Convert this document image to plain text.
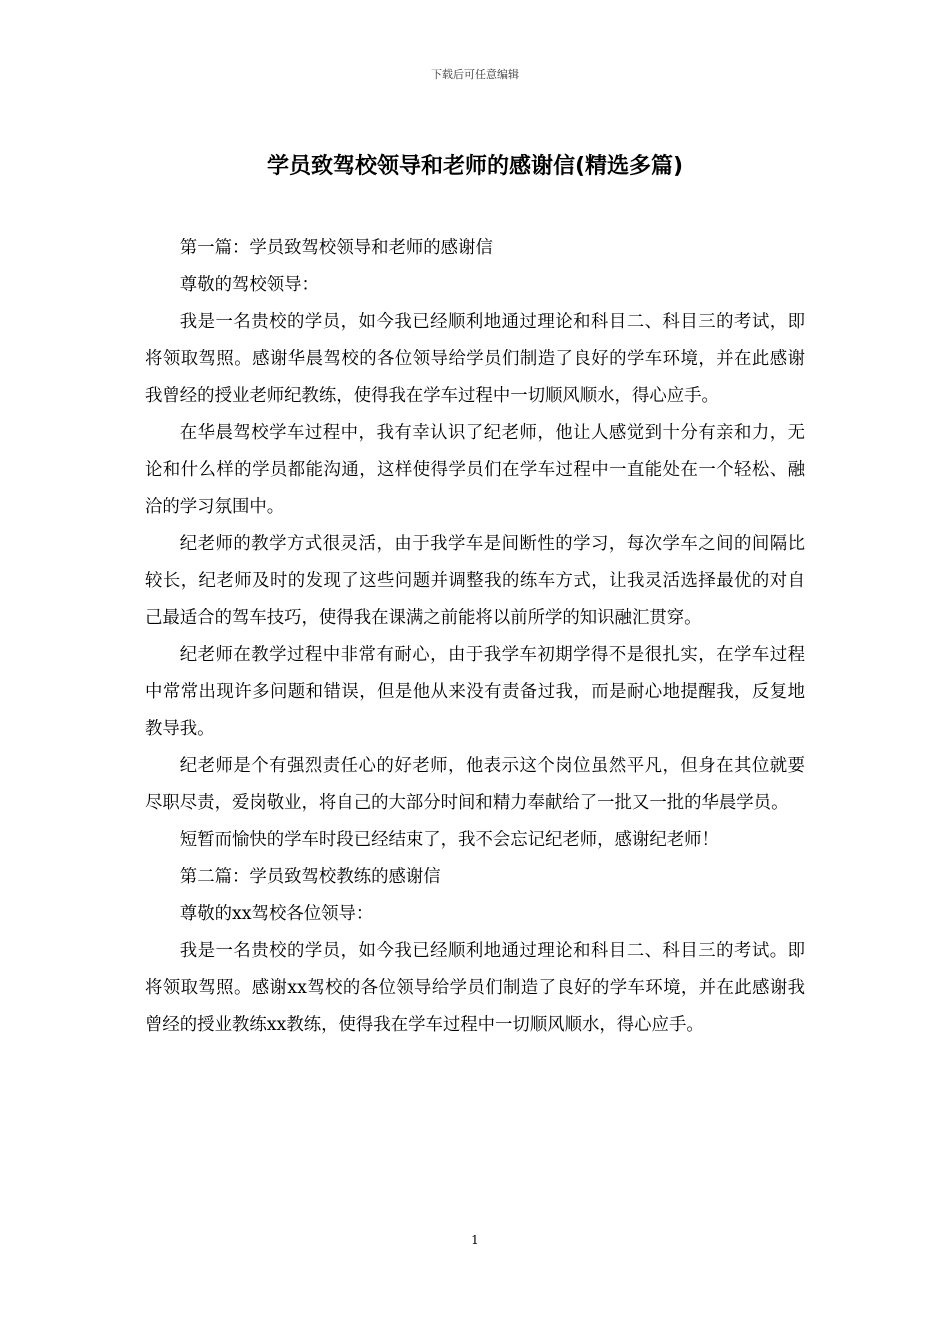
下载后可任意编辑
学员致驾校领导和老师的感谢信(精选多篇)

第一篇：学员致驾校领导和老师的感谢信

尊敬的驾校领导：

我是一名贵校的学员，如今我已经顺利地通过理论和科目二、科目三的考试，即将领取驾照。感谢华晨驾校的各位领导给学员们制造了良好的学车环境，并在此感谢我曾经的授业老师纪教练，使得我在学车过程中一切顺风顺水，得心应手。

在华晨驾校学车过程中，我有幸认识了纪老师，他让人感觉到十分有亲和力，无论和什么样的学员都能沟通，这样使得学员们在学车过程中一直能处在一个轻松、融洽的学习氛围中。

纪老师的教学方式很灵活，由于我学车是间断性的学习，每次学车之间的间隔比较长，纪老师及时的发现了这些问题并调整我的练车方式，让我灵活选择最优的对自己最适合的驾车技巧，使得我在课满之前能将以前所学的知识融汇贯穿。

纪老师在教学过程中非常有耐心，由于我学车初期学得不是很扎实，在学车过程中常常出现许多问题和错误，但是他从来没有责备过我，而是耐心地提醒我，反复地教导我。

纪老师是个有强烈责任心的好老师，他表示这个岗位虽然平凡，但身在其位就要尽职尽责，爱岗敬业，将自己的大部分时间和精力奉献给了一批又一批的华晨学员。

短暂而愉快的学车时段已经结束了，我不会忘记纪老师，感谢纪老师！

第二篇：学员致驾校教练的感谢信

尊敬的xx驾校各位领导：

我是一名贵校的学员，如今我已经顺利地通过理论和科目二、科目三的考试。即将领取驾照。感谢xx驾校的各位领导给学员们制造了良好的学车环境，并在此感谢我曾经的授业教练xx教练，使得我在学车过程中一切顺风顺水，得心应手。

1
